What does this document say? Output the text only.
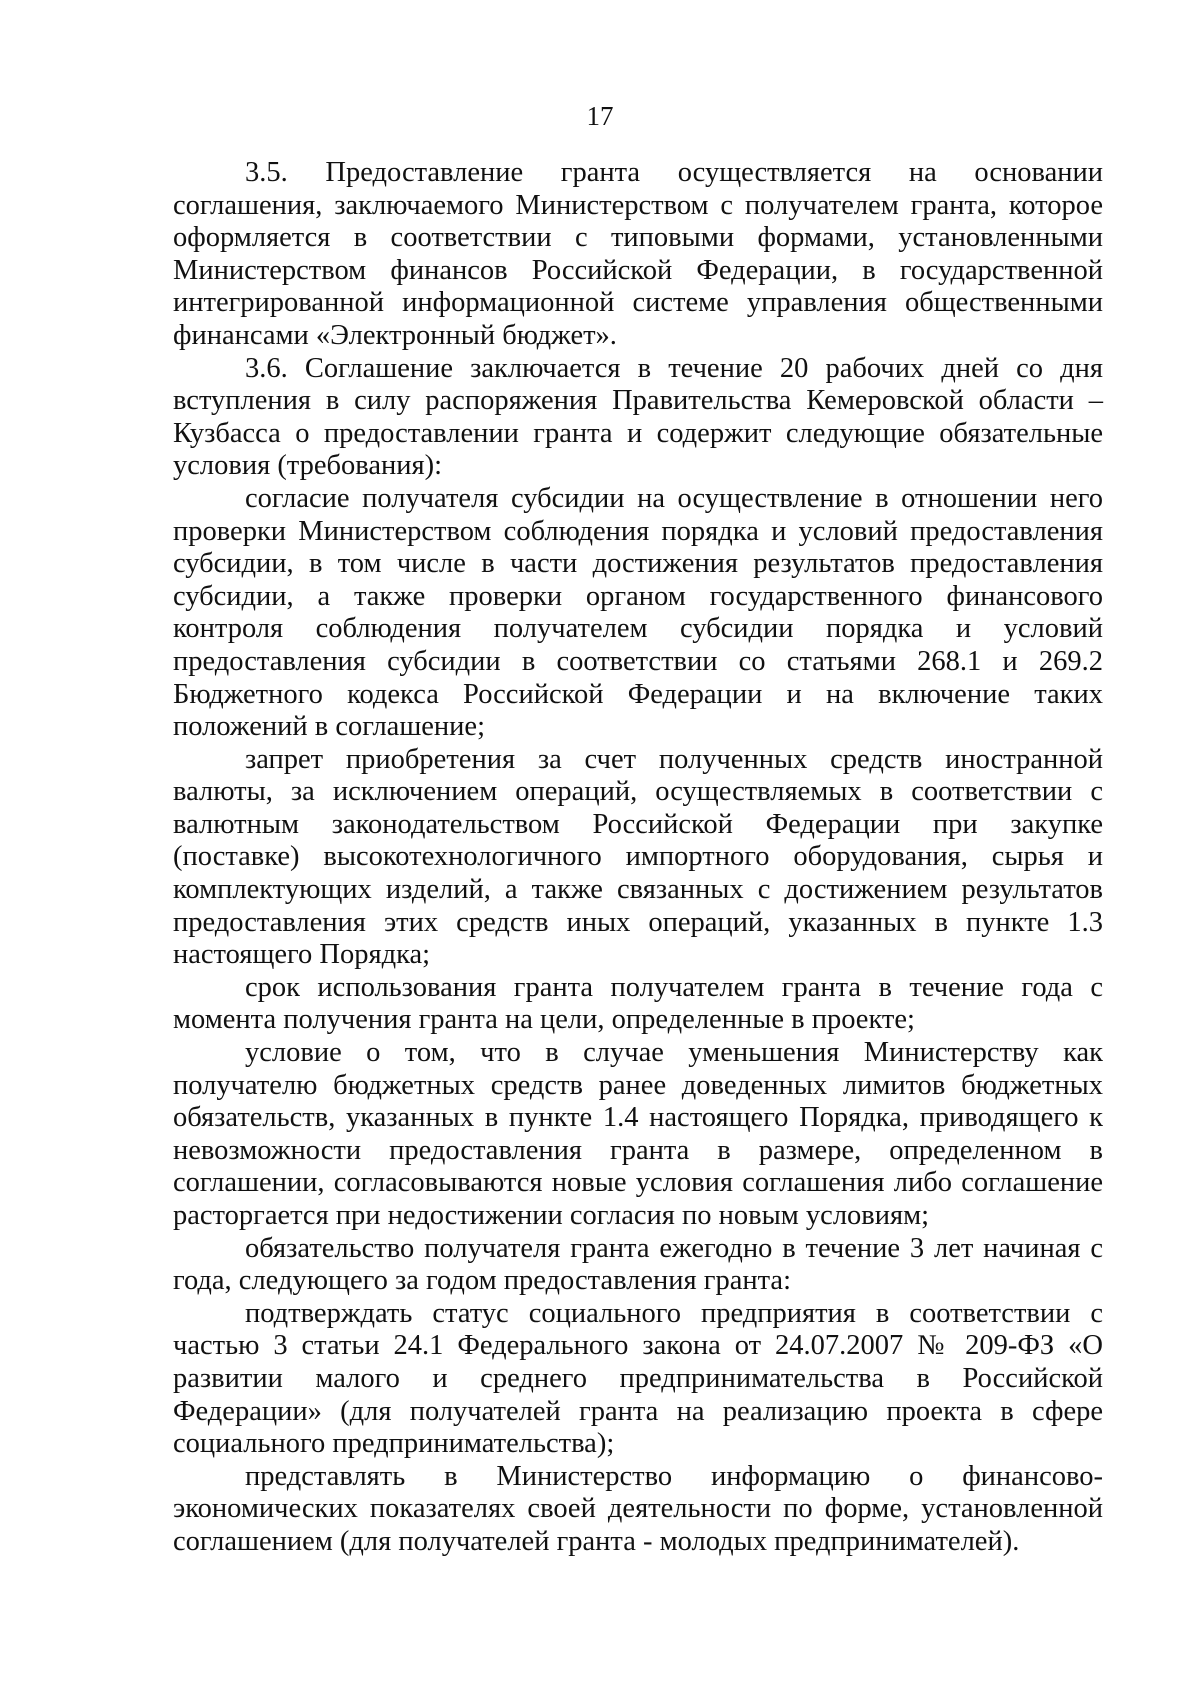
17

3.5. Предоставление гранта осуществляется на основании соглашения, заключаемого Министерством с получателем гранта, которое оформляется в соответствии с типовыми формами, установленными Министерством финансов Российской Федерации, в государственной интегрированной информационной системе управления общественными финансами «Электронный бюджет».

3.6. Соглашение заключается в течение 20 рабочих дней со дня вступления в силу распоряжения Правительства Кемеровской области – Кузбасса о предоставлении гранта и содержит следующие обязательные условия (требования):

согласие получателя субсидии на осуществление в отношении него проверки Министерством соблюдения порядка и условий предоставления субсидии, в том числе в части достижения результатов предоставления субсидии, а также проверки органом государственного финансового контроля соблюдения получателем субсидии порядка и условий предоставления субсидии в соответствии со статьями 268.1 и 269.2 Бюджетного кодекса Российской Федерации и на включение таких положений в соглашение;

запрет приобретения за счет полученных средств иностранной валюты, за исключением операций, осуществляемых в соответствии с валютным законодательством Российской Федерации при закупке (поставке) высокотехнологичного импортного оборудования, сырья и комплектующих изделий, а также связанных с достижением результатов предоставления этих средств иных операций, указанных в пункте 1.3 настоящего Порядка;

срок использования гранта получателем гранта в течение года с момента получения гранта на цели, определенные в проекте;

условие о том, что в случае уменьшения Министерству как получателю бюджетных средств ранее доведенных лимитов бюджетных обязательств, указанных в пункте 1.4 настоящего Порядка, приводящего к невозможности предоставления гранта в размере, определенном в соглашении, согласовываются новые условия соглашения либо соглашение расторгается при недостижении согласия по новым условиям;

обязательство получателя гранта ежегодно в течение 3 лет начиная с года, следующего за годом предоставления гранта:

подтверждать статус социального предприятия в соответствии с частью 3 статьи 24.1 Федерального закона от 24.07.2007 № 209-ФЗ «О развитии малого и среднего предпринимательства в Российской Федерации» (для получателей гранта на реализацию проекта в сфере социального предпринимательства);

представлять в Министерство информацию о финансово-экономических показателях своей деятельности по форме, установленной соглашением (для получателей гранта - молодых предпринимателей).
